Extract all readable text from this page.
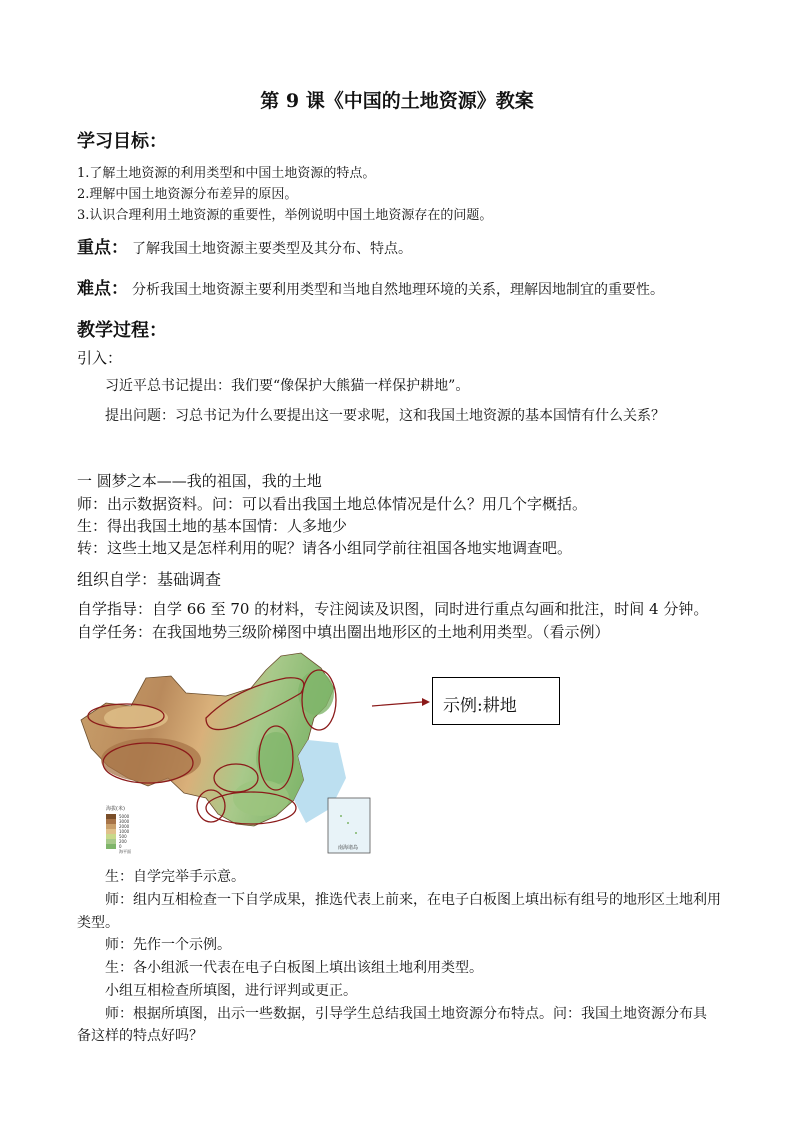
第 9 课《中国的土地资源》教案
学习目标：
1.了解土地资源的利用类型和中国土地资源的特点。
2.理解中国土地资源分布差异的原因。
3.认识合理利用土地资源的重要性，举例说明中国土地资源存在的问题。
重点： 了解我国土地资源主要类型及其分布、特点。
难点： 分析我国土地资源主要利用类型和当地自然地理环境的关系，理解因地制宜的重要性。
教学过程：
引入：
习近平总书记提出：我们要“像保护大熊猫一样保护耕地”。
提出问题：习总书记为什么要提出这一要求呢，这和我国土地资源的基本国情有什么关系？
一 圆梦之本——我的祖国，我的土地
师：出示数据资料。问：可以看出我国土地总体情况是什么？用几个字概括。
生：得出我国土地的基本国情：人多地少
转：这些土地又是怎样利用的呢？请各小组同学前往祖国各地实地调查吧。
组织自学：基础调查
自学指导：自学 66 至 70 的材料，专注阅读及识图，同时进行重点勾画和批注，时间 4 分钟。
自学任务：在我国地势三级阶梯图中填出圈出地形区的土地利用类型。（看示例）
海拔(米)
5000
3000
2000
1000
500
200
0
海平面
南海诸岛
示例:耕地
生：自学完举手示意。
师：组内互相检查一下自学成果，推选代表上前来，在电子白板图上填出标有组号的地形区土地利用
类型。
师：先作一个示例。
生：各小组派一代表在电子白板图上填出该组土地利用类型。
小组互相检查所填图，进行评判或更正。
师：根据所填图，出示一些数据，引导学生总结我国土地资源分布特点。问：我国土地资源分布具
备这样的特点好吗？
